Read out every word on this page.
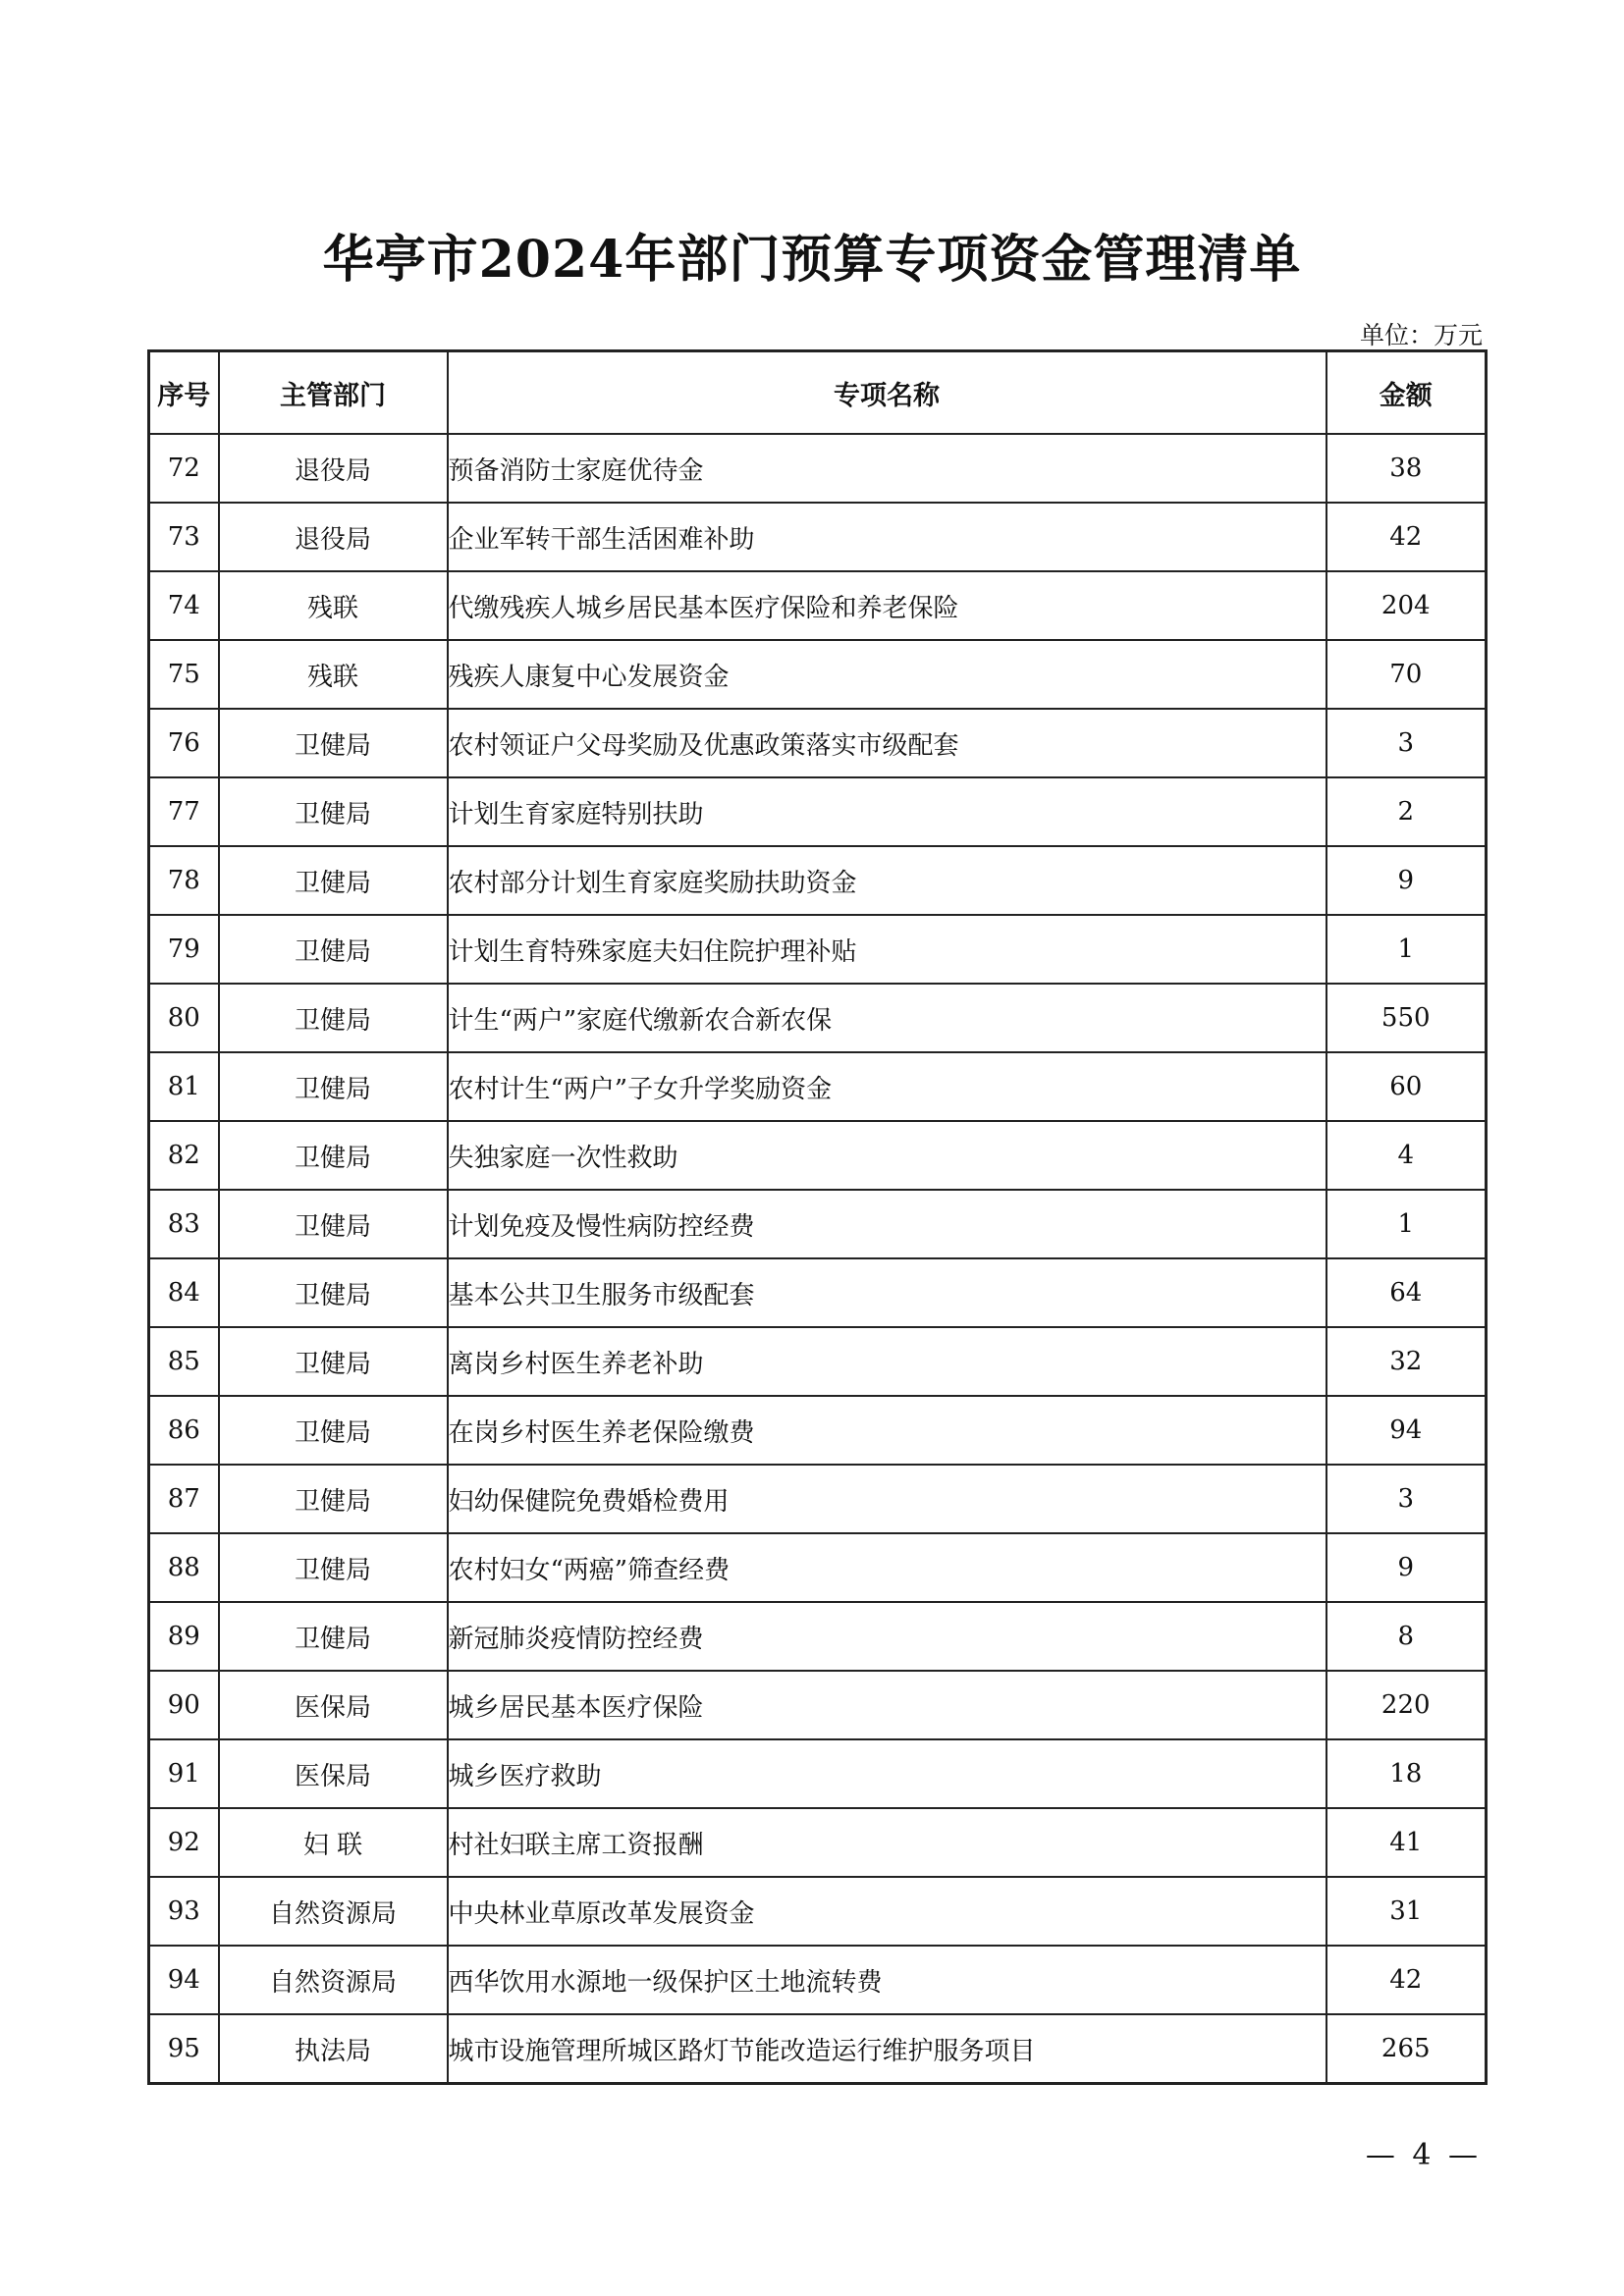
华亭市2024年部门预算专项资金管理清单
单位：万元
序号	主管部门	专项名称	金额
72	退役局	预备消防士家庭优待金	38
73	退役局	企业军转干部生活困难补助	42
74	残联	代缴残疾人城乡居民基本医疗保险和养老保险	204
75	残联	残疾人康复中心发展资金	70
76	卫健局	农村领证户父母奖励及优惠政策落实市级配套	3
77	卫健局	计划生育家庭特别扶助	2
78	卫健局	农村部分计划生育家庭奖励扶助资金	9
79	卫健局	计划生育特殊家庭夫妇住院护理补贴	1
80	卫健局	计生“两户”家庭代缴新农合新农保	550
81	卫健局	农村计生“两户”子女升学奖励资金	60
82	卫健局	失独家庭一次性救助	4
83	卫健局	计划免疫及慢性病防控经费	1
84	卫健局	基本公共卫生服务市级配套	64
85	卫健局	离岗乡村医生养老补助	32
86	卫健局	在岗乡村医生养老保险缴费	94
87	卫健局	妇幼保健院免费婚检费用	3
88	卫健局	农村妇女“两癌”筛查经费	9
89	卫健局	新冠肺炎疫情防控经费	8
90	医保局	城乡居民基本医疗保险	220
91	医保局	城乡医疗救助	18
92	妇 联	村社妇联主席工资报酬	41
93	自然资源局	中央林业草原改革发展资金	31
94	自然资源局	西华饮用水源地一级保护区土地流转费	42
95	执法局	城市设施管理所城区路灯节能改造运行维护服务项目	265
— 4 —
